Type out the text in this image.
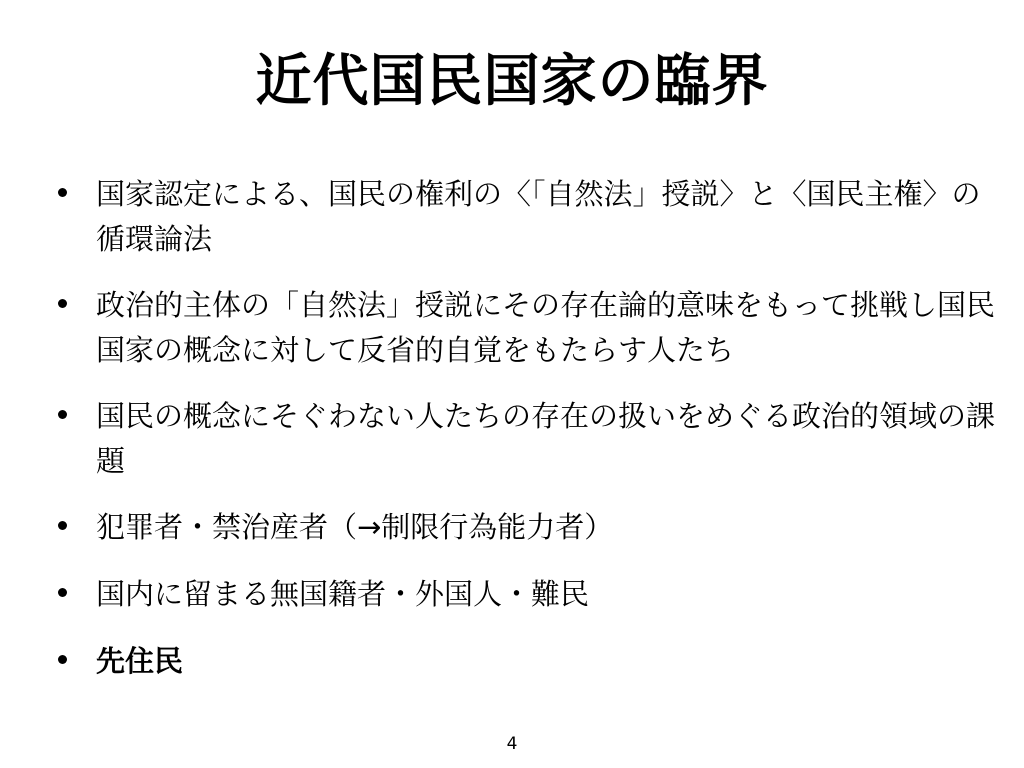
近代国民国家の臨界
国家認定による、国民の権利の〈「自然法」授説〉と〈国民主権〉の循環論法
政治的主体の「自然法」授説にその存在論的意味をもって挑戦し国民国家の概念に対して反省的自覚をもたらす人たち
国民の概念にそぐわない人たちの存在の扱いをめぐる政治的領域の課題
犯罪者・禁治産者（→制限行為能力者）
国内に留まる無国籍者・外国人・難民
先住民
4
